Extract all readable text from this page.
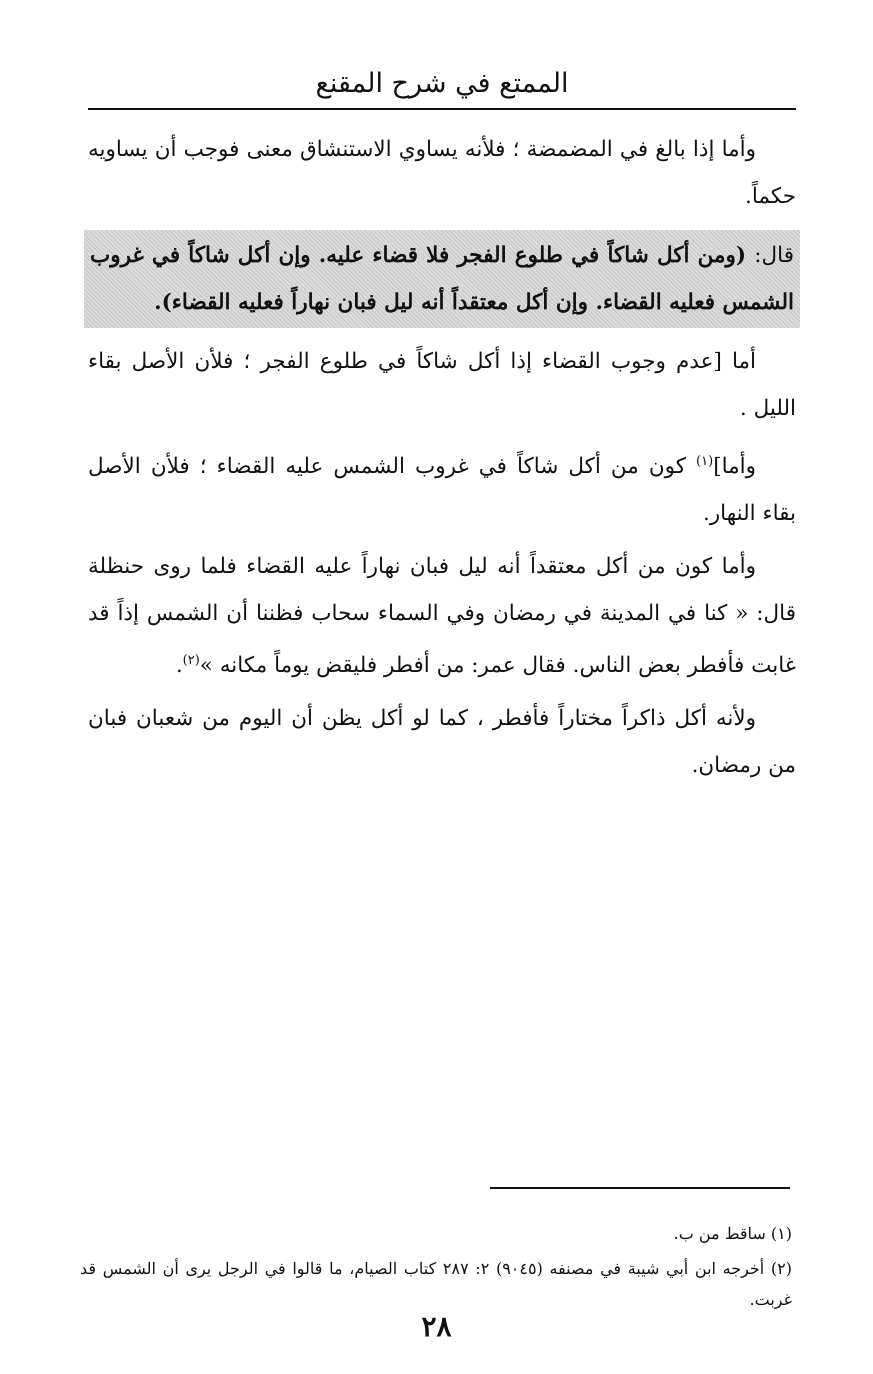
الممتع في شرح المقنع

وأما إذا بالغ في المضمضة ؛ فلأنه يساوي الاستنشاق معنى فوجب أن يساويه حكماً.

قال: (ومن أكل شاكاً في طلوع الفجر فلا قضاء عليه. وإن أكل شاكاً في غروب الشمس فعليه القضاء. وإن أكل معتقداً أنه ليل فبان نهاراً فعليه القضاء).

أما [عدم وجوب القضاء إذا أكل شاكاً في طلوع الفجر ؛ فلأن الأصل بقاء الليل .

وأما]$^{(١)}$ كون من أكل شاكاً في غروب الشمس عليه القضاء ؛ فلأن الأصل بقاء النهار.

وأما كون من أكل معتقداً أنه ليل فبان نهاراً عليه القضاء فلما روى حنظلة قال: « كنا في المدينة في رمضان وفي السماء سحاب فظننا أن الشمس إذاً قد غابت فأفطر بعض الناس. فقال عمر: من أفطر فليقض يوماً مكانه »$^{(٢)}$.

ولأنه أكل ذاكراً مختاراً فأفطر ، كما لو أكل يظن أن اليوم من شعبان فبان من رمضان.

(١) ساقط من ب.

(٢) أخرجه ابن أبي شيبة في مصنفه (٩٠٤٥) ٢: ٢٨٧ كتاب الصيام، ما قالوا في الرجل يرى أن الشمس قد غربت.

٢٨
